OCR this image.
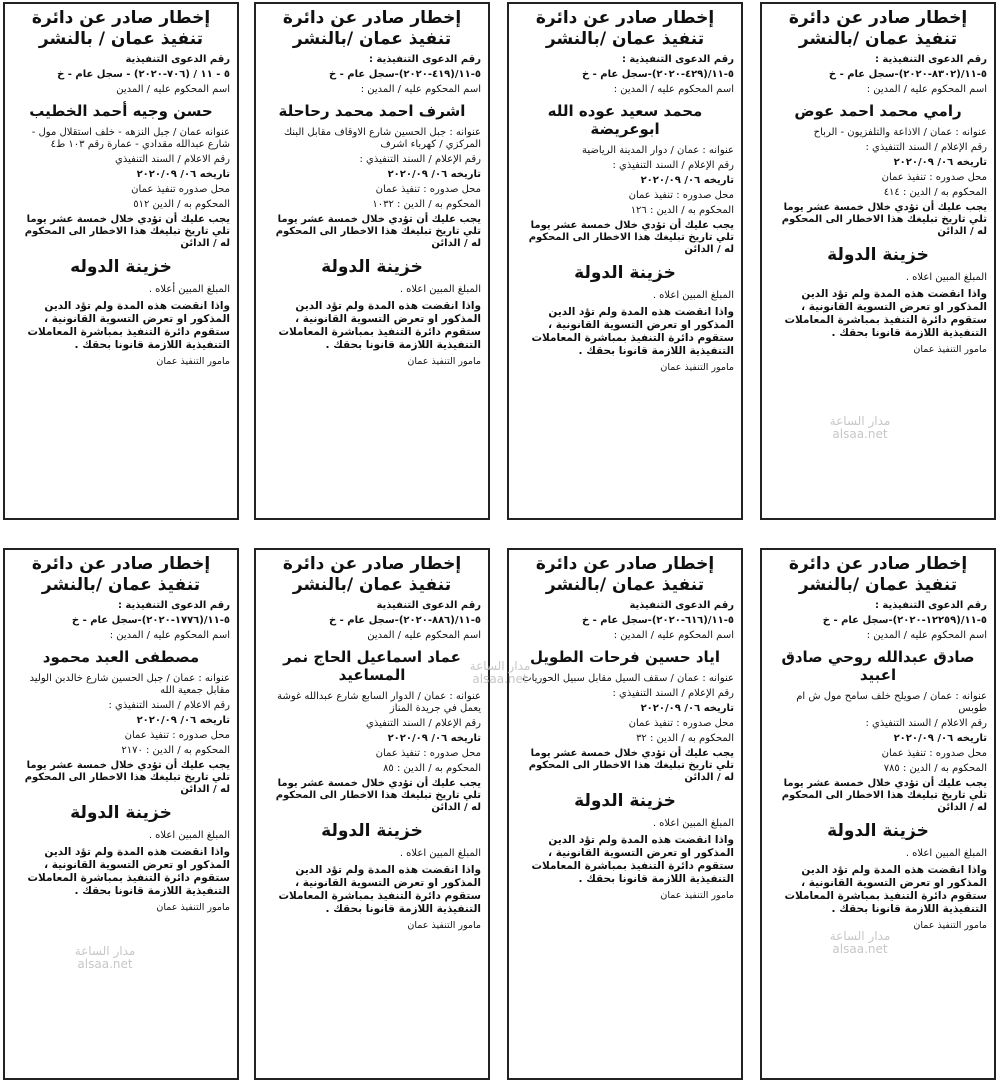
إخطار صادر عن دائرة تنفيذ عمان /بالنشر
رقم الدعوى التنفيذية :
٥-١١/(٨٣٠٢-٢٠٢٠)-سجل عام - خ
اسم المحكوم عليه / المدين :
رامي محمد احمد عوض
عنوانه : عمان / الاذاعة والتلفزيون - الرباح
رقم الإعلام / السند التنفيذي :
تاريخه ٠٦/ ٢٠٢٠/٠٩
محل صدوره : تنفيذ عمان
المحكوم به / الدين : ٤١٤
يجب عليك أن تؤدي خلال خمسة عشر يوما تلي تاريخ تبليغك هذا الاخطار الى المحكوم له / الدائن
خزينة الدولة
المبلغ المبين اعلاه .
واذا انقضت هذه المدة ولم تؤد الدين المذكور او تعرض التسوية القانونية ، ستقوم دائرة التنفيذ بمباشرة المعاملات التنفيذية اللازمة قانونا بحقك .
مامور التنفيذ عمان
إخطار صادر عن دائرة تنفيذ عمان /بالنشر
رقم الدعوى التنفيذية :
٥-١١/(٤٢٩-٢٠٢٠)-سجل عام - خ
اسم المحكوم عليه / المدين :
محمد سعيد عوده الله ابوعريضة
عنوانه : عمان / دوار المدينة الرياضية
رقم الإعلام / السند التنفيذي :
تاريخه ٠٦/ ٢٠٢٠/٠٩
محل صدوره : تنفيذ عمان
المحكوم به / الدين : ١٢٦
يجب عليك أن تؤدي خلال خمسة عشر يوما تلي تاريخ تبليغك هذا الاخطار الى المحكوم له / الدائن
خزينة الدولة
المبلغ المبين اعلاه .
واذا انقضت هذه المدة ولم تؤد الدين المذكور او تعرض التسوية القانونية ، ستقوم دائرة التنفيذ بمباشرة المعاملات التنفيذية اللازمة قانونا بحقك .
مامور التنفيذ عمان
إخطار صادر عن دائرة تنفيذ عمان /بالنشر
رقم الدعوى التنفيذية :
٥-١١/(٤١٩-٢٠٢٠)-سجل عام - خ
اسم المحكوم عليه / المدين :
اشرف احمد محمد رحاحلة
عنوانه : جبل الحسين شارع الاوقاف مقابل البنك المركزي / كهرباء اشرف
رقم الإعلام / السند التنفيذي :
تاريخه ٠٦/ ٢٠٢٠/٠٩
محل صدوره : تنفيذ عمان
المحكوم به / الدين : ١٠٣٢
يجب عليك أن تؤدي خلال خمسة عشر يوما تلي تاريخ تبليغك هذا الاخطار الى المحكوم له / الدائن
خزينة الدولة
المبلغ المبين اعلاه .
واذا انقضت هذه المدة ولم تؤد الدين المذكور او تعرض التسوية القانونية ، ستقوم دائرة التنفيذ بمباشرة المعاملات التنفيذية اللازمة قانونا بحقك .
مامور التنفيذ عمان
إخطار صادر عن دائرة تنفيذ عمان / بالنشر
رقم الدعوى التنفيذية
٥ - ١١ / (٧٠٦-٢٠٢٠) - سجل عام - خ
اسم المحكوم عليه / المدين
حسن وجيه أحمد الخطيب
عنوانه عمان / جبل النزهه - خلف استقلال مول - شارع عبدالله مقدادي - عمارة رقم ١٠٣ ط٤
رقم الاعلام / السند التنفيذي
تاريخه ٠٦/ ٢٠٢٠/٠٩
محل صدوره تنفيذ عمان
المحكوم به / الدين ٥١٢
يجب عليك أن تؤدي خلال خمسة عشر يوما تلي تاريخ تبليغك هذا الاخطار الى المحكوم له / الدائن
خزينة الدوله
المبلغ المبين أعلاه .
واذا انقضت هذه المدة ولم تؤد الدين المذكور او تعرض التسوية القانونية ، ستقوم دائرة التنفيذ بمباشرة المعاملات التنفيذية اللازمة قانونا بحقك .
مامور التنفيذ عمان
إخطار صادر عن دائرة تنفيذ عمان /بالنشر
رقم الدعوى التنفيذية :
٥-١١/(١٢٢٥٩-٢٠٢٠)-سجل عام - خ
اسم المحكوم عليه / المدين :
صادق عبدالله روحي صادق اعبيد
عنوانه : عمان / صويلح خلف سامح مول ش ام طوبس
رقم الاعلام / السند التنفيذي :
تاريخه ٠٦/ ٢٠٢٠/٠٩
محل صدوره : تنفيذ عمان
المحكوم به / الدين : ٧٨٥
يجب عليك أن تؤدي خلال خمسة عشر يوما تلي تاريخ تبليغك هذا الاخطار الى المحكوم له / الدائن
خزينة الدولة
المبلغ المبين اعلاه .
واذا انقضت هذه المدة ولم تؤد الدين المذكور او تعرض التسوية القانونية ، ستقوم دائرة التنفيذ بمباشرة المعاملات التنفيذية اللازمة قانونا بحقك .
مامور التنفيذ عمان
إخطار صادر عن دائرة تنفيذ عمان /بالنشر
رقم الدعوى التنفيذية
٥-١١/(٦١٦-٢٠٢٠)-سجل عام - خ
اسم المحكوم عليه / المدين :
اياد حسين فرحات الطويل
عنوانه : عمان / سقف السيل مقابل سبيل الحوريات
رقم الإعلام / السند التنفيذي :
تاريخه ٠٦/ ٢٠٢٠/٠٩
محل صدوره : تنفيذ عمان
المحكوم به / الدين : ٣٢
يجب عليك أن تؤدي خلال خمسة عشر يوما تلي تاريخ تبليغك هذا الاخطار الى المحكوم له / الدائن
خزينة الدولة
المبلغ المبين اعلاه .
واذا انقضت هذه المدة ولم تؤد الدين المذكور او تعرض التسوية القانونية ، ستقوم دائرة التنفيذ بمباشرة المعاملات التنفيذية اللازمة قانونا بحقك .
مامور التنفيذ عمان
إخطار صادر عن دائرة تنفيذ عمان /بالنشر
رقم الدعوى التنفيذية
٥-١١/(٨٨٦-٢٠٢٠)-سجل عام - خ
اسم المحكوم عليه / المدين
عماد اسماعيل الحاج نمر المساعيد
عنوانه : عمان / الدوار السابع شارع عبدالله غوشة يعمل في جريدة المناز
رقم الإعلام / السند التنفيذي
تاريخه ٠٦/ ٢٠٢٠/٠٩
محل صدوره : تنفيذ عمان
المحكوم به / الدين : ٨٥
يجب عليك أن تؤدي خلال خمسة عشر يوما تلي تاريخ تبليغك هذا الاخطار الى المحكوم له / الدائن
خزينة الدولة
المبلغ المبين اعلاه .
واذا انقضت هذه المدة ولم تؤد الدين المذكور او تعرض التسوية القانونية ، ستقوم دائرة التنفيذ بمباشرة المعاملات التنفيذية اللازمة قانونا بحقك .
مامور التنفيذ عمان
إخطار صادر عن دائرة تنفيذ عمان /بالنشر
رقم الدعوى التنفيذية :
٥-١١/(١٧٧٦-٢٠٢٠)-سجل عام - خ
اسم المحكوم عليه / المدين :
مصطفى العبد محمود
عنوانه : عمان / جبل الحسين شارع خالدبن الوليد مقابل جمعية الله
رقم الاعلام / السند التنفيذي :
تاريخه ٠٦/ ٢٠٢٠/٠٩
محل صدوره : تنفيذ عمان
المحكوم به / الدين : ٢١٧٠
يجب عليك أن تؤدي خلال خمسة عشر يوما تلي تاريخ تبليغك هذا الاخطار الى المحكوم له / الدائن
خزينة الدولة
المبلغ المبين اعلاه .
واذا انقضت هذه المدة ولم تؤد الدين المذكور او تعرض التسوية القانونية ، ستقوم دائرة التنفيذ بمباشرة المعاملات التنفيذية اللازمة قانونا بحقك .
مامور التنفيذ عمان
مدار الساعة
alsaa.net
مدار الساعة
alsaa.net
مدار الساعة
alsaa.net
مدار الساعة
alsaa.net
